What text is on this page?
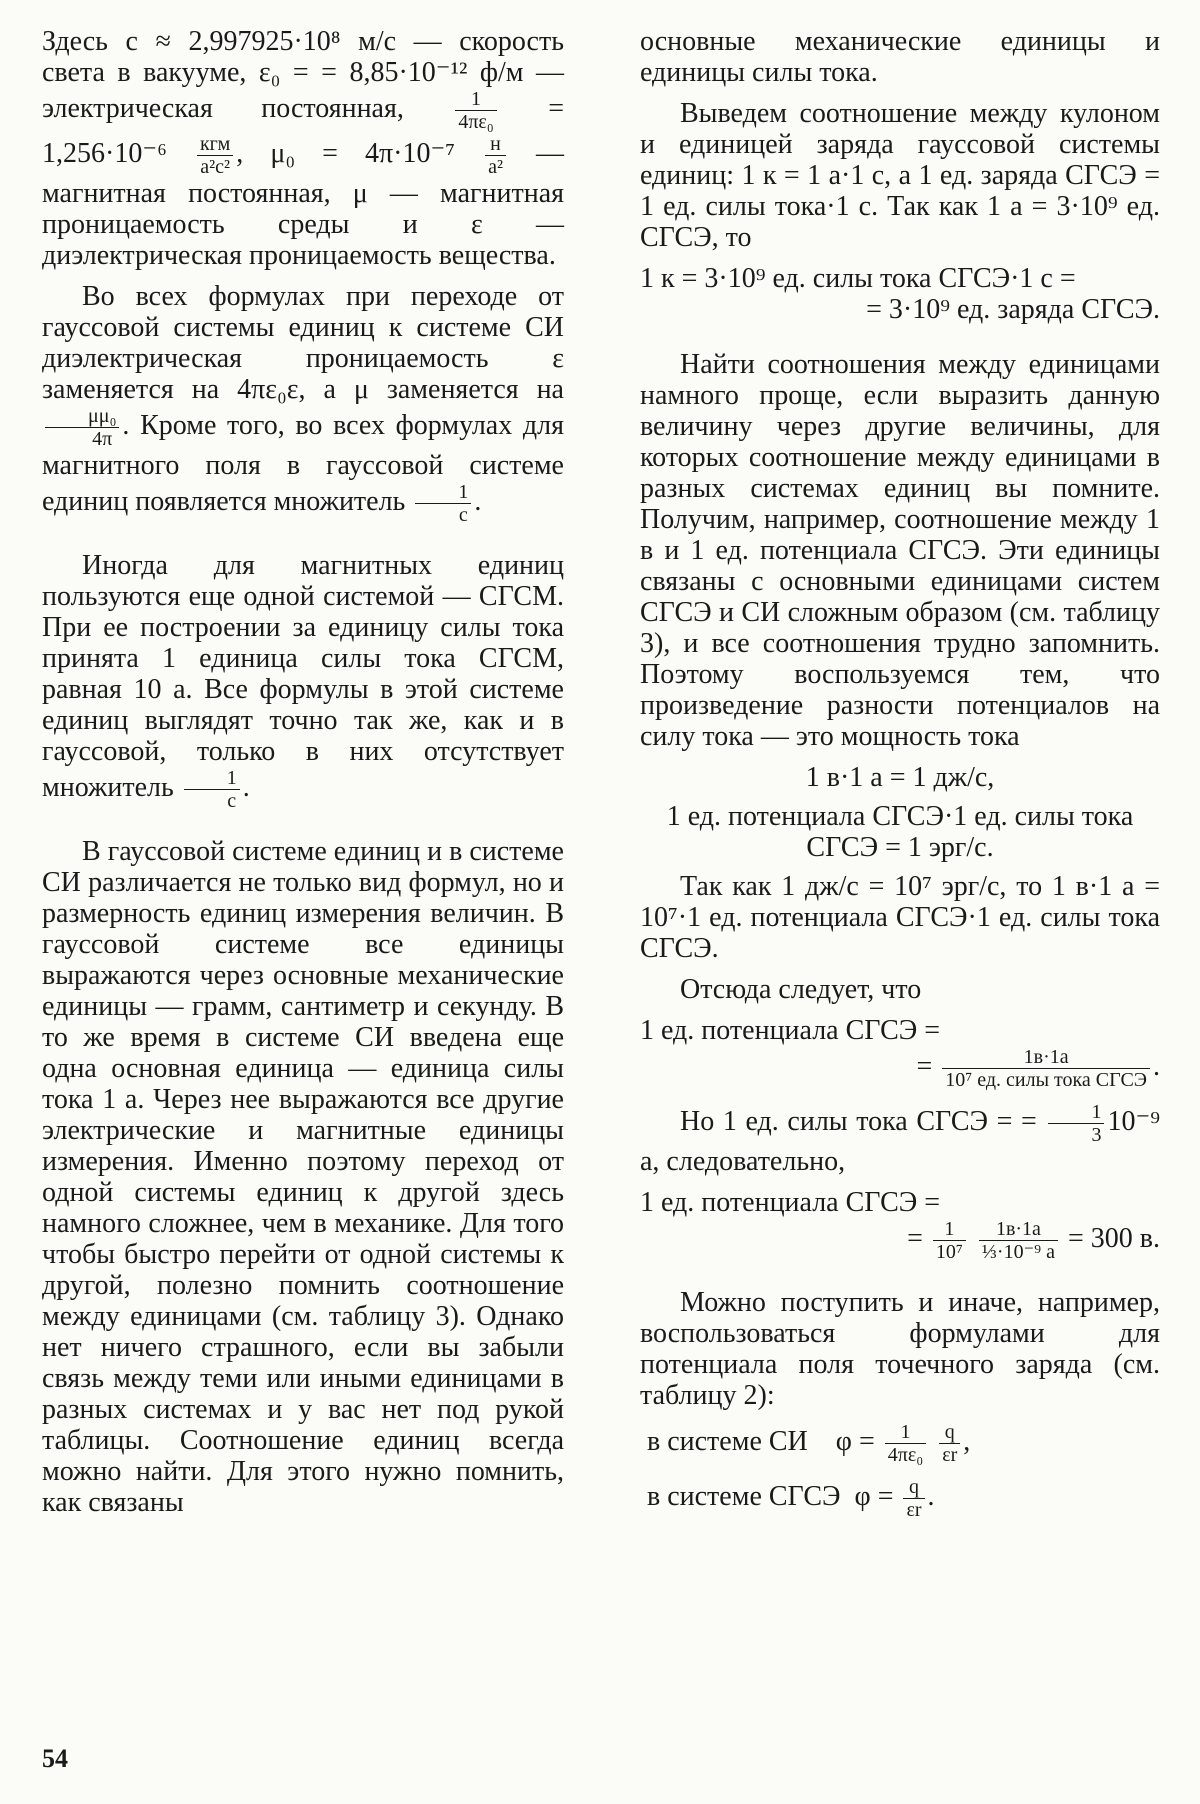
Здесь c ≈ 2,997925·10⁸ м/с — скорость света в вакууме, ε₀ = = 8,85·10⁻¹² ф/м — электрическая постоянная,	$\frac{1}{\text{4πε₀}} = 1,256\cdot 10^{-6} \frac{\text{кгм}}{\text{а²с²}}$ , $\mu_0 = 4\pi\cdot 10^{-7} \frac{н}{\text{а²}}$ — магнитная постоянная, μ — магнитная проницаемость среды и ε — диэлектрическая проницаемость вещества.
Во всех формулах при переходе от гауссовой системы единиц к системе СИ диэлектрическая проницаемость ε заменяется на 4πε₀ε, а μ заменяется на
$\frac{\text{μμ₀}}{4\pi}$ . Кроме того, во всех формулах для магнитного поля в гауссовой системе единиц появляется множитель $\frac{1}{c}$ .
Иногда для магнитных единиц пользуются еще одной системой — СГСМ. При ее построении за единицу силы тока принята 1 единица силы тока СГСМ, равная 10 а. Все формулы в этой системе единиц выглядят точно так же, как и в гауссовой, только в них отсутствует множитель $\frac{1}{c}$ .
В гауссовой системе единиц и в системе СИ различается не только вид формул, но и размерность единиц измерения величин. В гауссовой системе все единицы выражаются через основные механические единицы — грамм, сантиметр и секунду. В то же время в системе СИ введена еще одна основная единица — единица силы тока 1 а. Через нее выражаются все другие электрические и магнитные единицы измерения. Именно поэтому переход от одной системы единиц к другой здесь намного сложнее, чем в механике. Для того чтобы быстро перейти от одной системы к другой, полезно помнить соотношение между единицами (см. таблицу 3). Однако нет ничего страшного, если вы забыли связь между теми или иными единицами в разных системах и у вас нет под рукой таблицы. Соотношение единиц всегда можно найти. Для этого нужно помнить, как связаны
основные механические единицы и единицы силы тока.
Выведем соотношение между кулоном и единицей заряда гауссовой системы единиц: 1 к = 1 а·1 с, а 1 ед. заряда СГСЭ = 1 ед. силы тока·1 с. Так как 1 а = 3·10⁹ ед. СГСЭ, то
1 к = 3·10⁹ ед. силы тока СГСЭ·1 с =
= 3·10⁹ ед. заряда СГСЭ.
Найти соотношения между единицами намного проще, если выразить данную величину через другие величины, для которых соотношение между единицами в разных системах единиц вы помните. Получим, например, соотношение между 1 в и 1 ед. потенциала СГСЭ. Эти единицы связаны с основными единицами систем СГСЭ и СИ сложным образом (см. таблицу 3), и все соотношения трудно запомнить. Поэтому воспользуемся тем, что произведение разности потенциалов на силу тока — это мощность тока
1 в·1 а = 1 дж/с,
1 ед. потенциала СГСЭ·1 ед. силы тока СГСЭ = 1 эрг/с.
Так как 1 дж/с = 10⁷ эрг/с, то 1 в·1 а = 10⁷·1 ед. потенциала СГСЭ·1 ед. силы тока СГСЭ.
Отсюда следует, что
1 ед. потенциала СГСЭ =
= $\frac{1в\cdot 1а}{\text{10⁷ ед. силы тока СГСЭ}}$ .
Но 1 ед. силы тока СГСЭ = = $\frac{1}{3} 10^{-9}$ а, следовательно,
1 ед. потенциала СГСЭ =
= $\frac{1}{\text{10⁷}}$
$\frac{1в\cdot 1а}{\text{⅓·10⁻⁹ а}} = 300$ в.
Можно поступить и иначе, например, воспользоваться формулами для потенциала поля точечного заряда (см. таблицу 2):
в системе СИ $\varphi = \frac{1}{\text{4πε₀}}$
$\frac{q}{\varepsilon r}$ ,
в системе СГСЭ $\varphi = \frac{q}{\varepsilon r}$ .
54
